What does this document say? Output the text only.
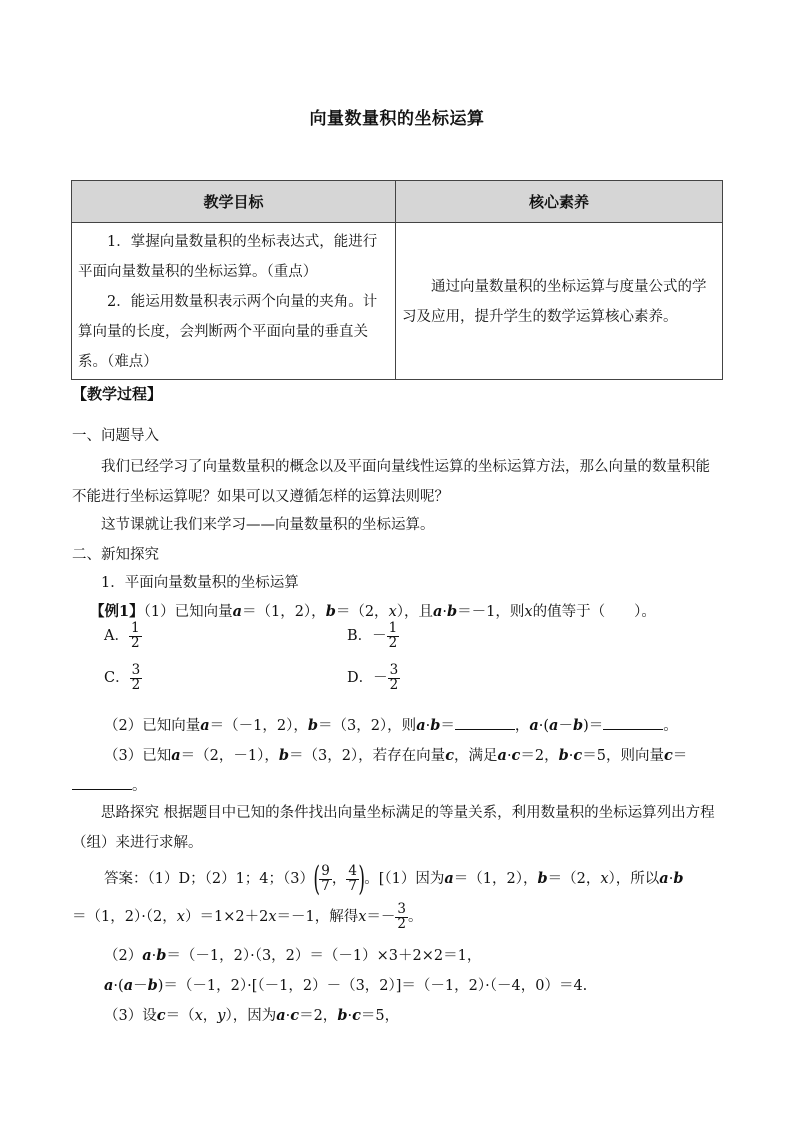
向量数量积的坐标运算
教学目标	核心素养

1．掌握向量数量积的坐标表达式，能进行平面向量数量积的坐标运算。（重点）
2．能运用数量积表示两个向量的夹角。计算向量的长度，会判断两个平面向量的垂直关系。（难点）	通过向量数量积的坐标运算与度量公式的学习及应用，提升学生的数学运算核心素养。
【教学过程】
一、问题导入
我们已经学习了向量数量积的概念以及平面向量线性运算的坐标运算方法，那么向量的数量积能不能进行坐标运算呢？如果可以又遵循怎样的运算法则呢？
这节课就让我们来学习——向量数量积的坐标运算。
二、新知探究
1．平面向量数量积的坐标运算
【例1】（1）已知向量a＝（1，2），b＝（2，x），且a·b＝－1，则x的值等于（　　）。
A． $\frac{1}{2}$	B．－ $\frac{1}{2}$
C． $\frac{3}{2}$	D．－ $\frac{3}{2}$
（2）已知向量a＝（－1，2），b＝（3，2），则a·b＝	，a·(a－b)＝	。
（3）已知a＝（2，－1），b＝（3，2），若存在向量c，满足a·c＝2，b·c＝5，则向量c＝
。
思路探究 根据题目中已知的条件找出向量坐标满足的等量关系，利用数量积的坐标运算列出方程（组）来进行求解。
答案：（1）D；（2）1；4；$(3)( \frac{9}{7}$ ， $\frac{4}{7}$ )。[（1）因为a＝（1，2），b＝（2，x），所以a·b
＝（1，2）·（2，x）＝1×2＋2x＝－1，解得$x=- \frac{3}{2}$ 。
（2）a·b＝（－1，2）·（3，2）＝（－1）×3＋2×2＝1，
a·(a－b)＝（－1，2）·[（－1，2）－（3，2）]＝（－1，2）·（－4，0）＝4.
（3）设c＝（x，y），因为a·c＝2，b·c＝5，
